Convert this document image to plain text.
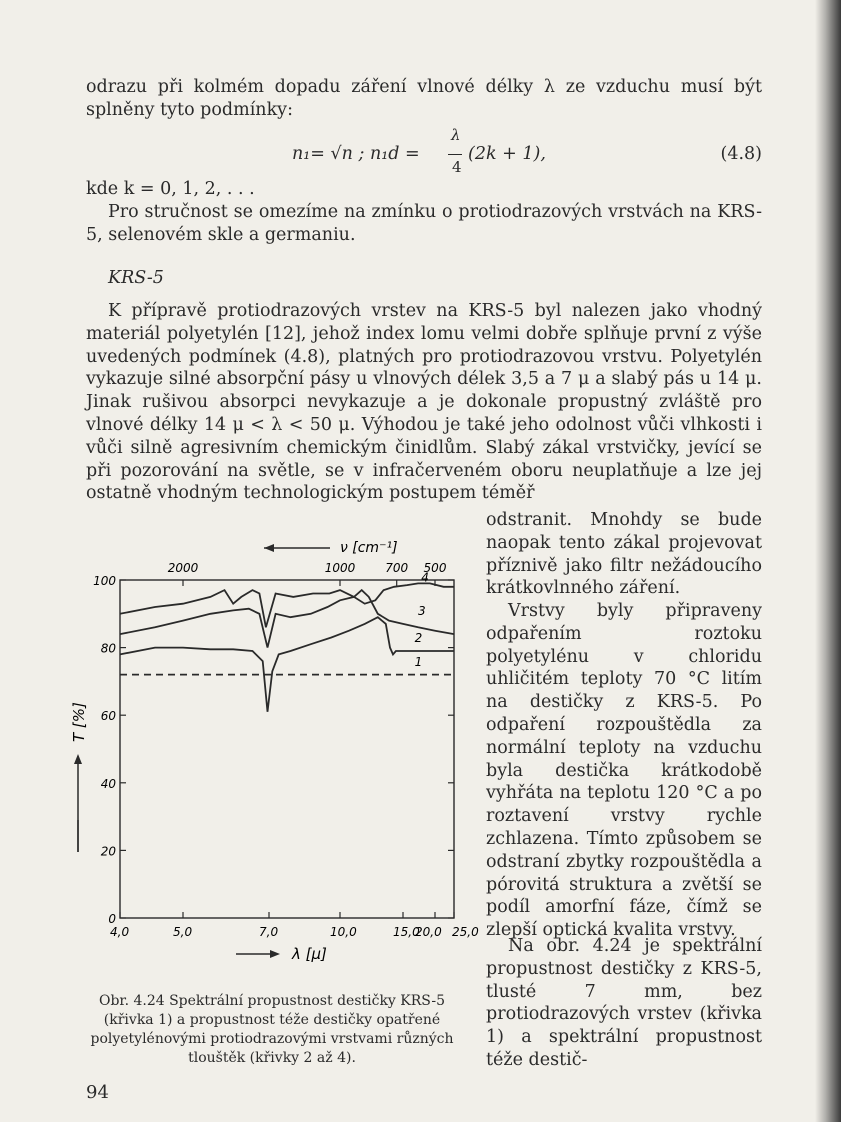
odrazu při kolmém dopadu záření vlnové délky λ ze vzduchu musí být splněny tyto podmínky:

n₁= √n ; n₁d =
λ
4
(2k + 1),	(4.8)

kde k = 0, 1, 2, . . .

Pro stručnost se omezíme na zmínku o protiodrazových vrstvách na KRS-5, selenovém skle a germaniu.

KRS-5

K přípravě protiodrazových vrstev na KRS-5 byl nalezen jako vhodný materiál polyetylén [12], jehož index lomu velmi dobře splňuje první z výše uvedených podmínek (4.8), platných pro protiodrazovou vrstvu. Polyetylén vykazuje silné absorpční pásy u vlnových délek 3,5 a 7 μ a slabý pás u 14 μ. Jinak rušivou absorpci nevykazuje a je dokonale propustný zvláště pro vlnové délky 14 μ < λ < 50 μ. Výhodou je také jeho odolnost vůči vlhkosti i vůči silně agresivním chemickým činidlům. Slabý zákal vrstvičky, jevící se při pozorování na světle, se v infračerveném oboru neuplatňuje a lze jej ostatně vhodným technologickým postupem téměř

odstranit. Mnohdy se bude naopak tento zákal projevovat příznivě jako filtr nežádoucího krátkovlnného záření.

Vrstvy byly připraveny odpařením roztoku polyetylénu v chloridu uhličitém teploty 70 °C litím na destičky z KRS-5. Po odpaření rozpouštědla za normální teploty na vzduchu byla destička krátkodobě vyhřáta na teplotu 120 °C a po roztavení vrstvy rychle zchlazena. Tímto způsobem se odstraní zbytky rozpouštědla a pórovitá struktura a zvětší se podíl amorfní fáze, čímž se zlepší optická kvalita vrstvy.

Na obr. 4.24 je spektrální propustnost destičky z KRS-5, tlusté 7 mm, bez protiodrazových vrstev (křivka 1) a spektrální propustnost téže destič-

4,0	5,0	7,0	10,0	15,0
20,0 25,0
0
20
40
60
80
100
2000	1000 700 500
1
2
3
4
ν [cm⁻¹]
λ [μ]
T [%]

Obr. 4.24 Spektrální propustnost destičky KRS-5 (křivka 1) a propustnost téže destičky opatřené polyetylénovými protiodrazovými vrstvami různých tlouštěk (křivky 2 až 4).

94
